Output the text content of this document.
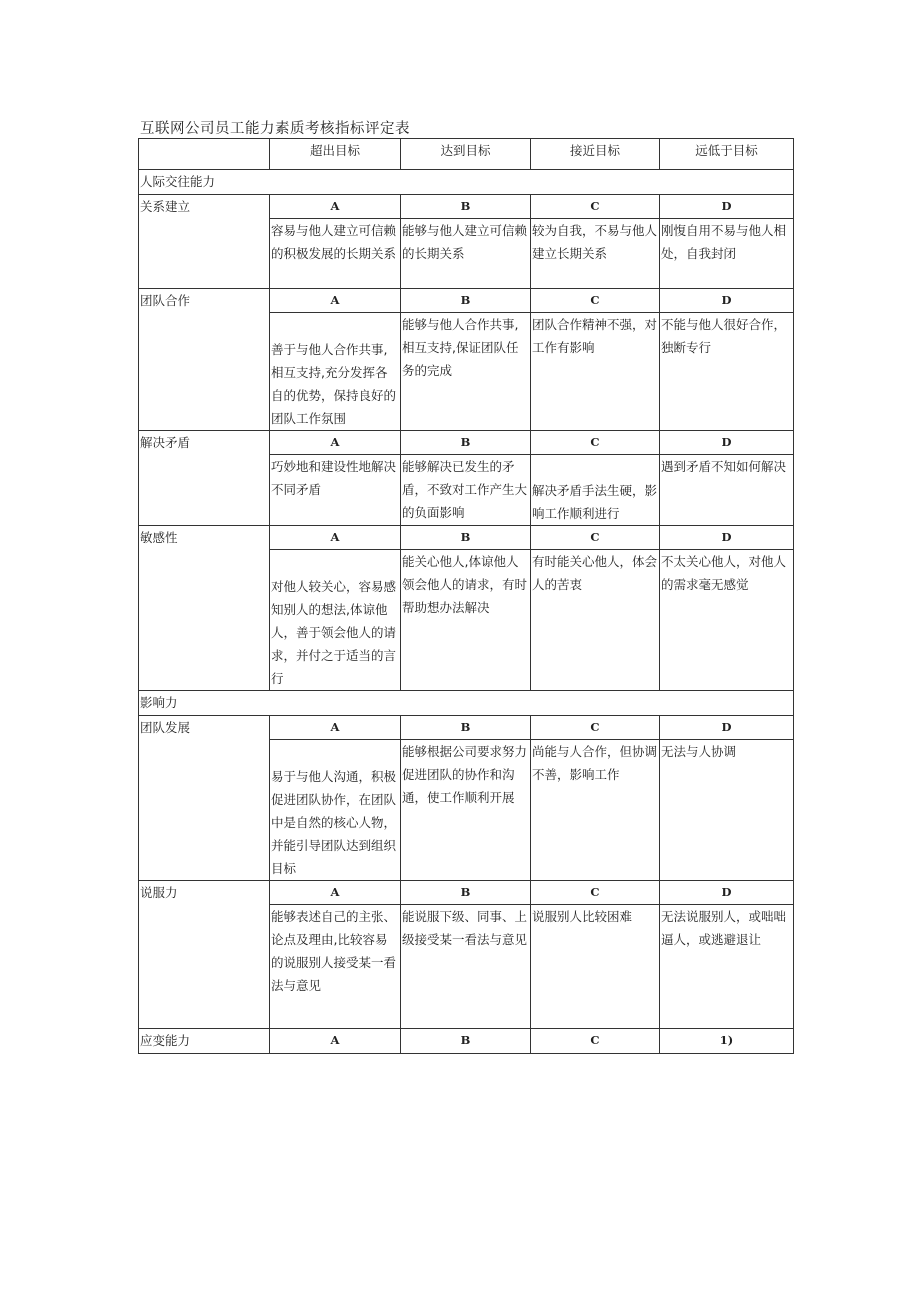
互联网公司员工能力素质考核指标评定表
	超出目标	达到目标	接近目标	远低于目标
人际交往能力				
关系建立	A	B	C	D
	容易与他人建立可信赖的积极发展的长期关系	能够与他人建立可信赖的长期关系	较为自我，不易与他人建立长期关系	刚愎自用不易与他人相处，自我封闭
团队合作	A	B	C	D
	善于与他人合作共事,相互支持,充分发挥各自的优势，保持良好的团队工作氛围	能够与他人合作共事,相互支持,保证团队任务的完成	团队合作精神不强，对工作有影响	不能与他人很好合作，独断专行
解决矛盾	A	B	C	D
	巧妙地和建设性地解决不同矛盾	能够解决已发生的矛盾，不致对工作产生大的负面影响	解决矛盾手法生硬，影响工作顺利进行	遇到矛盾不知如何解决
敏感性	A	B	C	D
	对他人较关心，容易感知别人的想法,体谅他人，善于领会他人的请求，并付之于适当的言行	能关心他人,体谅他人领会他人的请求，有时帮助想办法解决	有时能关心他人，体会人的苦衷	不太关心他人，对他人的需求毫无感觉
影响力				
团队发展	A	B	C	D
	易于与他人沟通，积极促进团队协作，在团队中是自然的核心人物，并能引导团队达到组织目标	能够根据公司要求努力促进团队的协作和沟通，使工作顺利开展	尚能与人合作，但协调不善，影响工作	无法与人协调
说服力	A	B	C	D
	能够表述自己的主张、论点及理由,比较容易的说服别人接受某一看法与意见	能说服下级、同事、上级接受某一看法与意见	说服别人比较困难	无法说服别人，或咄咄逼人，或逃避退让
应变能力	A	B	C	1)
